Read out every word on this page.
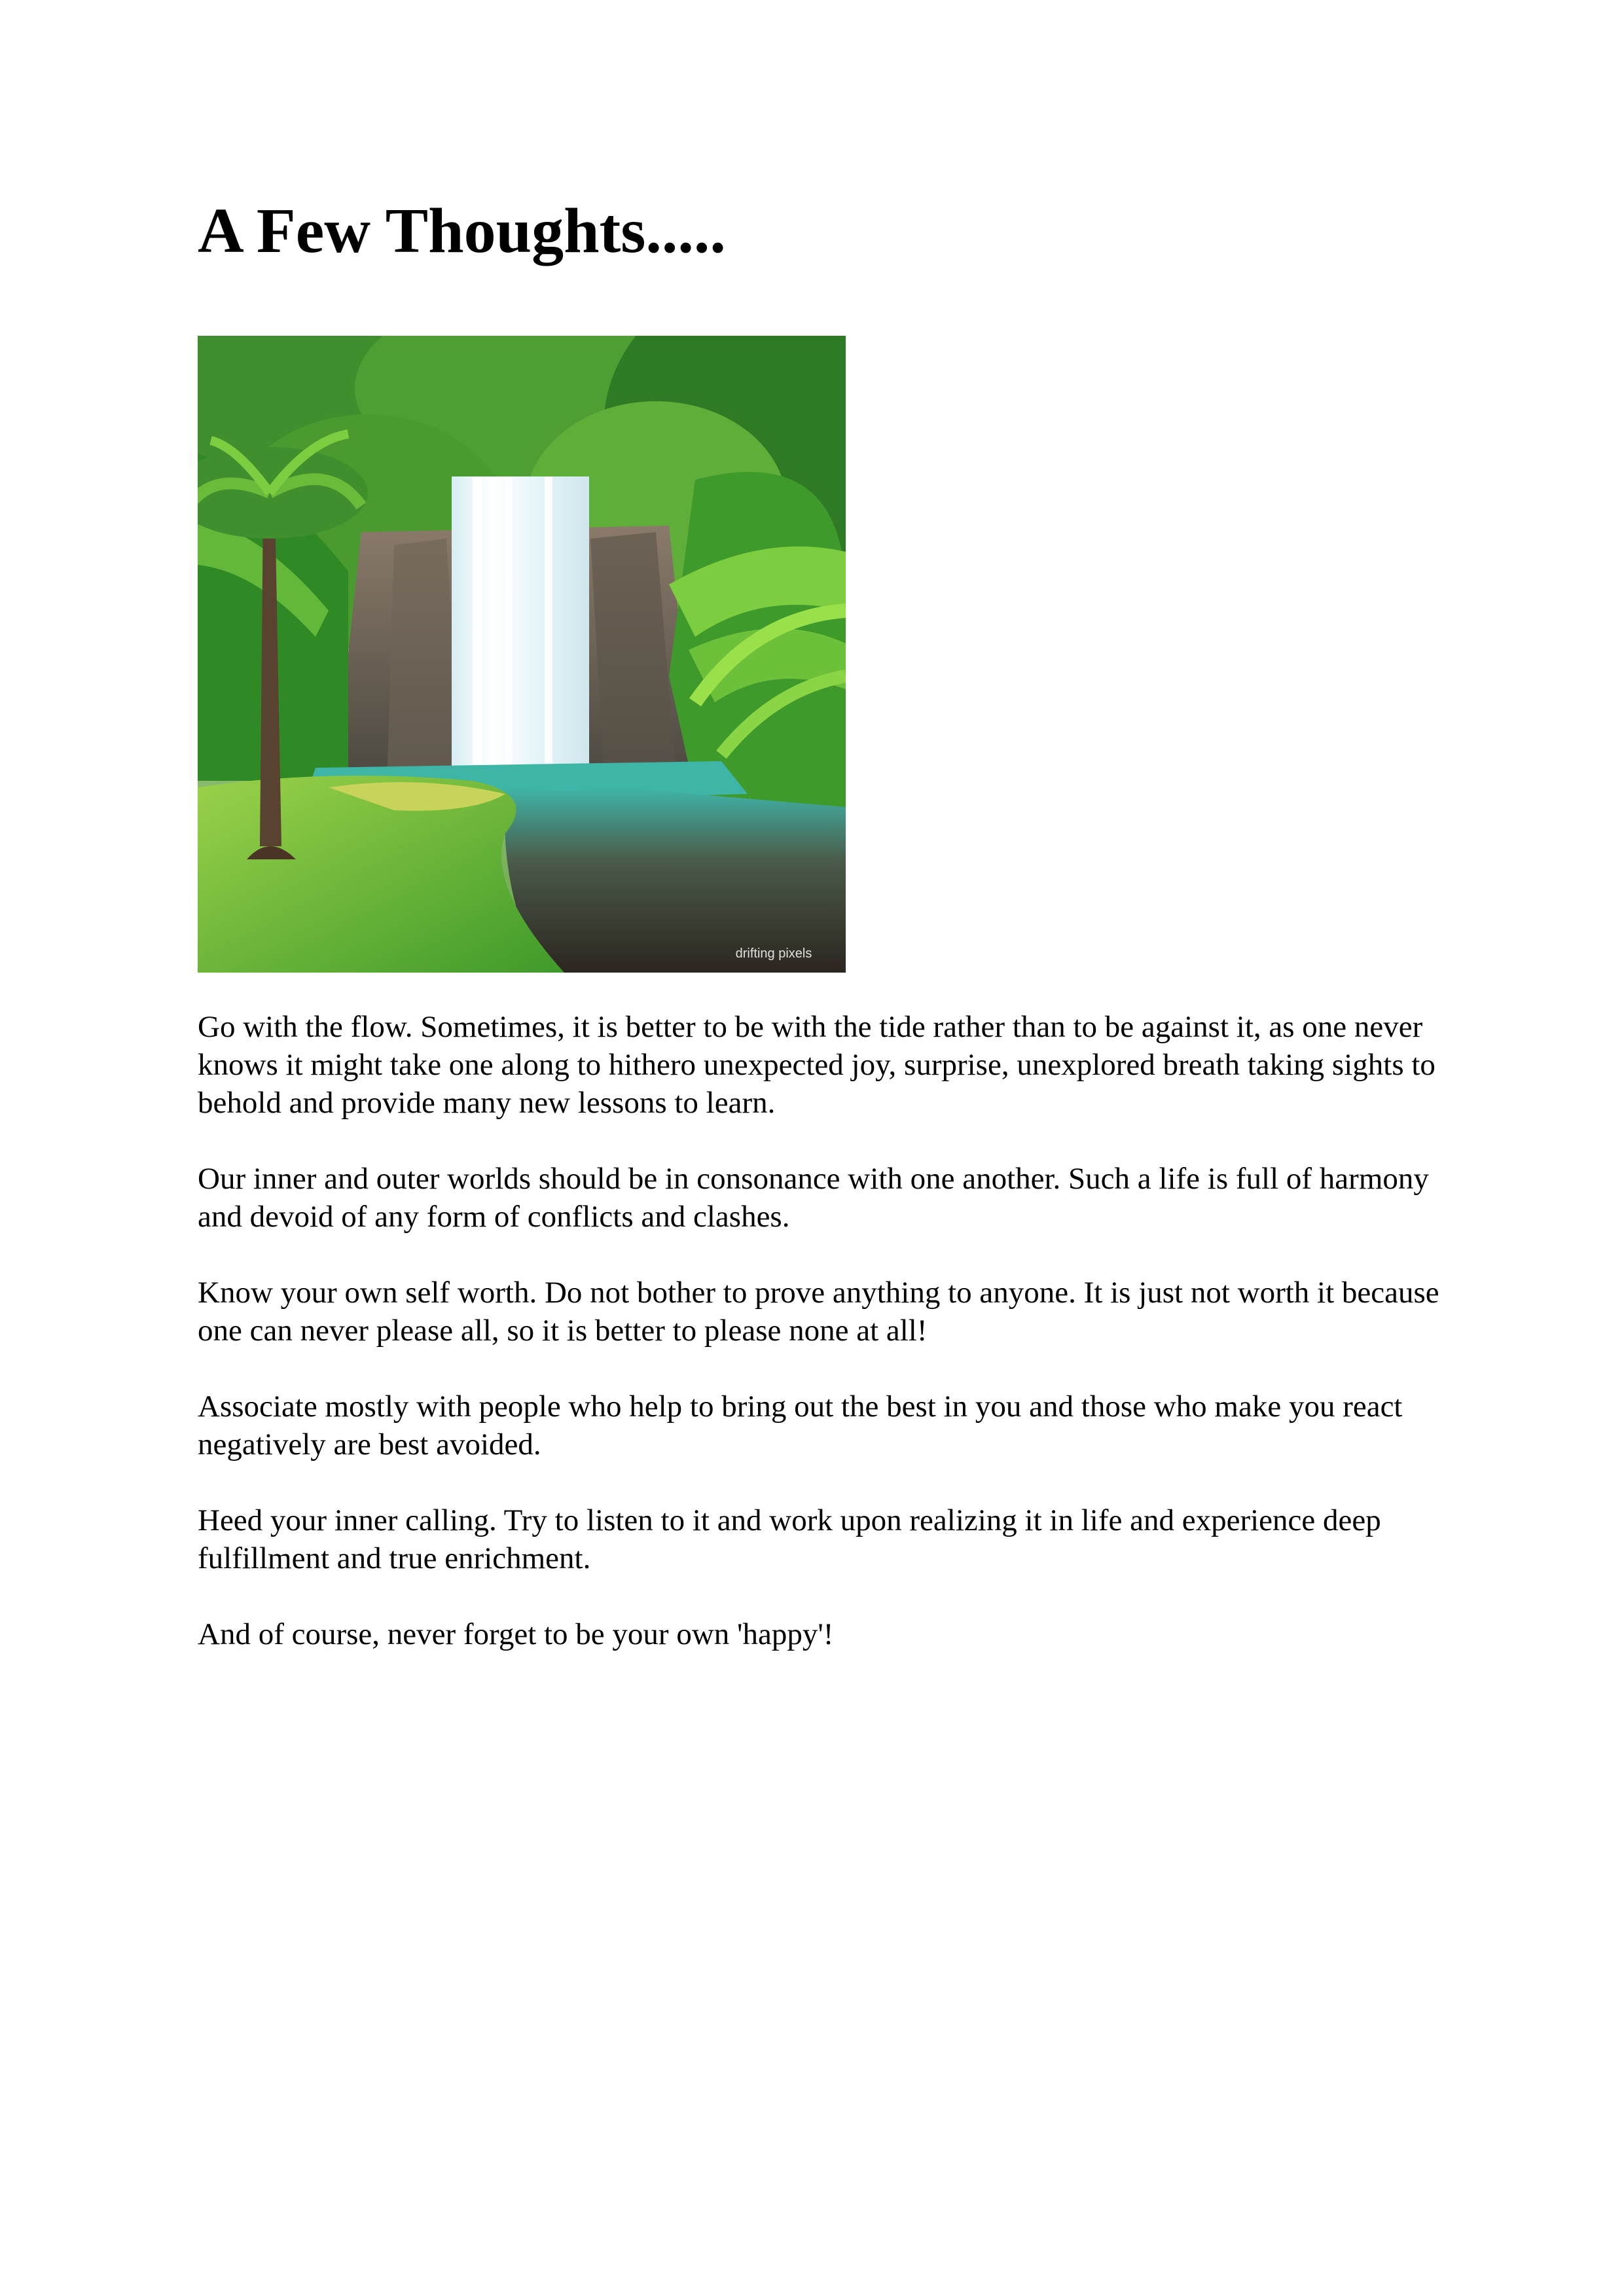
A Few Thoughts.....
drifting pixels

Go with the flow. Sometimes, it is better to be with the tide rather than to be against it, as one never knows it might take one along to hithero unexpected joy, surprise, unexplored breath taking sights to behold and provide many new lessons to learn.

Our inner and outer worlds should be in consonance with one another. Such a life is full of harmony and devoid of any form of conflicts and clashes.

Know your own self worth. Do not bother to prove anything to anyone. It is just not worth it because one can never please all, so it is better to please none at all!

Associate mostly with people who help to bring out the best in you and those who make you react negatively are best avoided.

Heed your inner calling. Try to listen to it and work upon realizing it in life and experience deep fulfillment and true enrichment.

And of course, never forget to be your own 'happy'!
